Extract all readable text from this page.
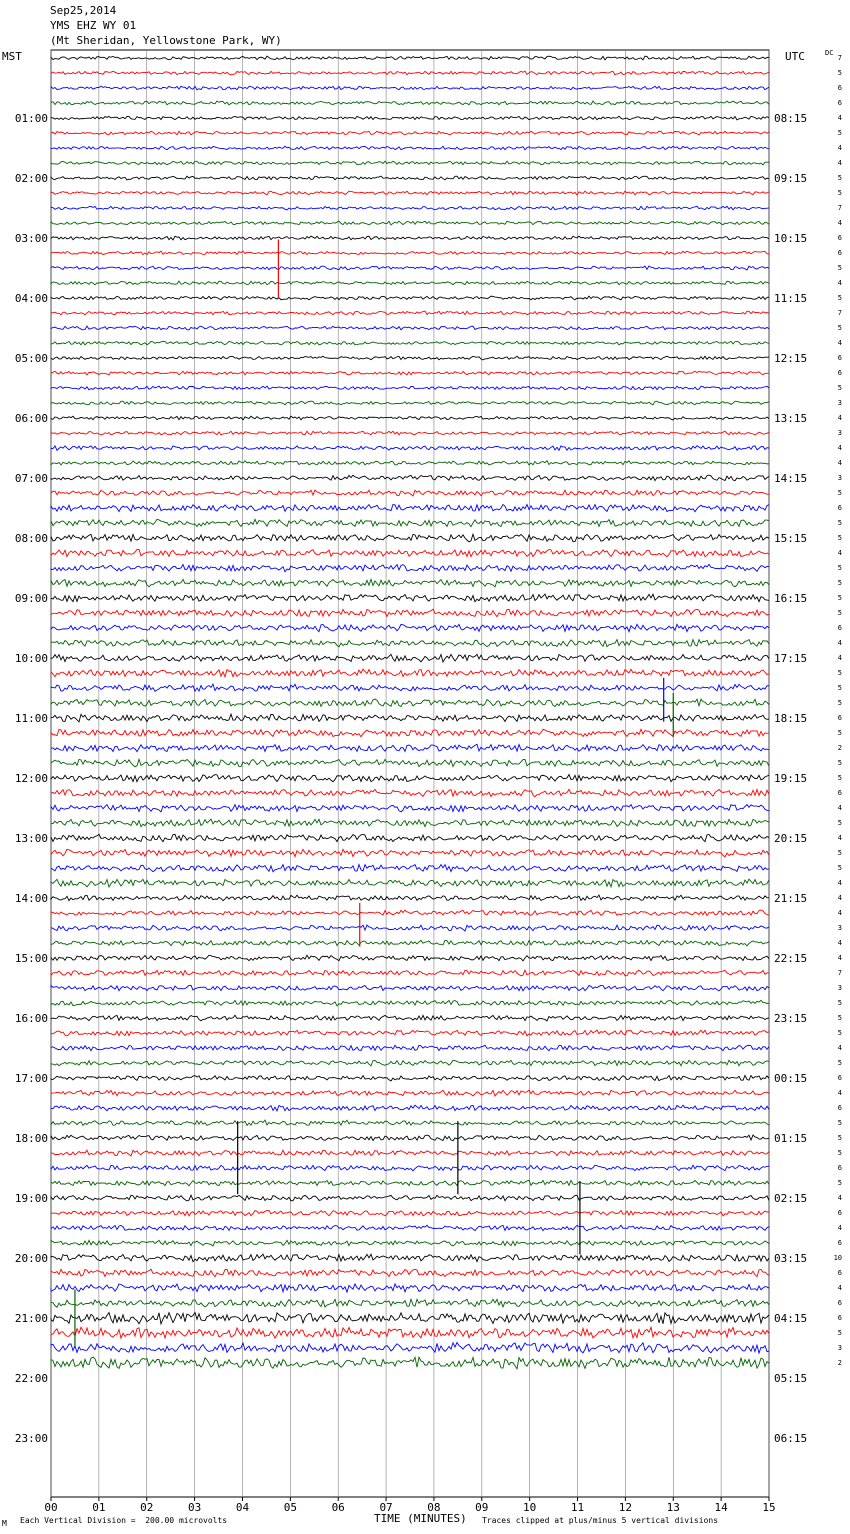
Sep25,2014
YMS EHZ WY 01
(Mt Sheridan, Yellowstone Park, WY)
MST	UTC	DC
7
5
6
6
4
5
4
4
5
5
7
4
6
6
5
4
5
7
5
4
6
6
5
3
4
3
4
4
3
5
6
5
5
4
5
5
5
5
6
4
4
5
5
5
6
5
2
5
5
6
4
5
4
5
5
4
4
4
3
4
4
7
3
5
5
5
4
5
6
4
6
5
5
5
6
5
4
6
4
6
10
6
4
6
6
5
3
2
01:00	08:15
02:00	09:15
03:00	10:15
04:00	11:15
05:00	12:15
06:00	13:15
07:00	14:15
08:00	15:15
09:00	16:15
10:00	17:15
11:00	18:15
12:00	19:15
13:00	20:15
14:00	21:15
15:00	22:15
16:00	23:15
17:00	00:15
18:00	01:15
19:00	02:15
20:00	03:15
21:00	04:15
22:00	05:15
23:00	06:15
00	01	02	03	04	05	06	07	08	09	10	11	12	13	14	15
M Each Vertical Division =  200.00 microvolts	TIME (MINUTES) Traces clipped at plus/minus 5 vertical divisions
